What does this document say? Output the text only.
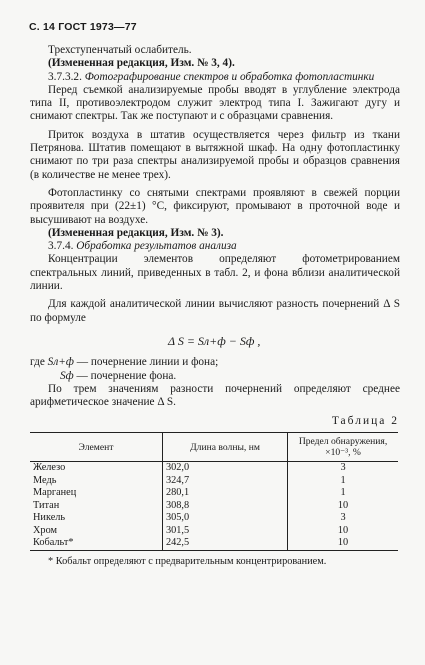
С. 14 ГОСТ 1973—77

Трехступенчатый ослабитель.

(Измененная редакция, Изм. № 3, 4).

3.7.3.2. Фотографирование спектров и обработка фотопластинки

Перед съемкой анализируемые пробы вводят в углубление электрода типа II, противоэлектродом служит электрод типа I. Зажигают дугу и снимают спектры. Так же поступают и с образцами сравнения.

Приток воздуха в штатив осуществляется через фильтр из ткани Петрянова. Штатив помещают в вытяжной шкаф. На одну фотопластинку снимают по три раза спектры анализируемой пробы и образцов сравнения (в количестве не менее трех).

Фотопластинку со снятыми спектрами проявляют в свежей порции проявителя при (22±1) °С, фиксируют, промывают в проточной воде и высушивают на воздухе.

(Измененная редакция, Изм. № 3).

3.7.4. Обработка результатов анализа

Концентрации элементов определяют фотометрированием спектральных линий, приведенных в табл. 2, и фона вблизи аналитической линии.

Для каждой аналитической линии вычисляют разность почернений Δ S по формуле

Δ S = Sл+ф − Sф ,

где
Sл+ф
— почернение линии и фона;
Sф
— почернение фона.

По трем значениям разности почернений определяют среднее арифметическое значение Δ S.

Таблица 2
Элемент	Длина волны, нм	Предел обнаружения, ×10⁻³, %
Железо	302,0	3
Медь	324,7	1
Марганец	280,1	1
Титан	308,8	10
Никель	305,0	3
Хром	301,5	10
Кобальт*	242,5	10
* Кобальт определяют с предварительным концентрированием.
